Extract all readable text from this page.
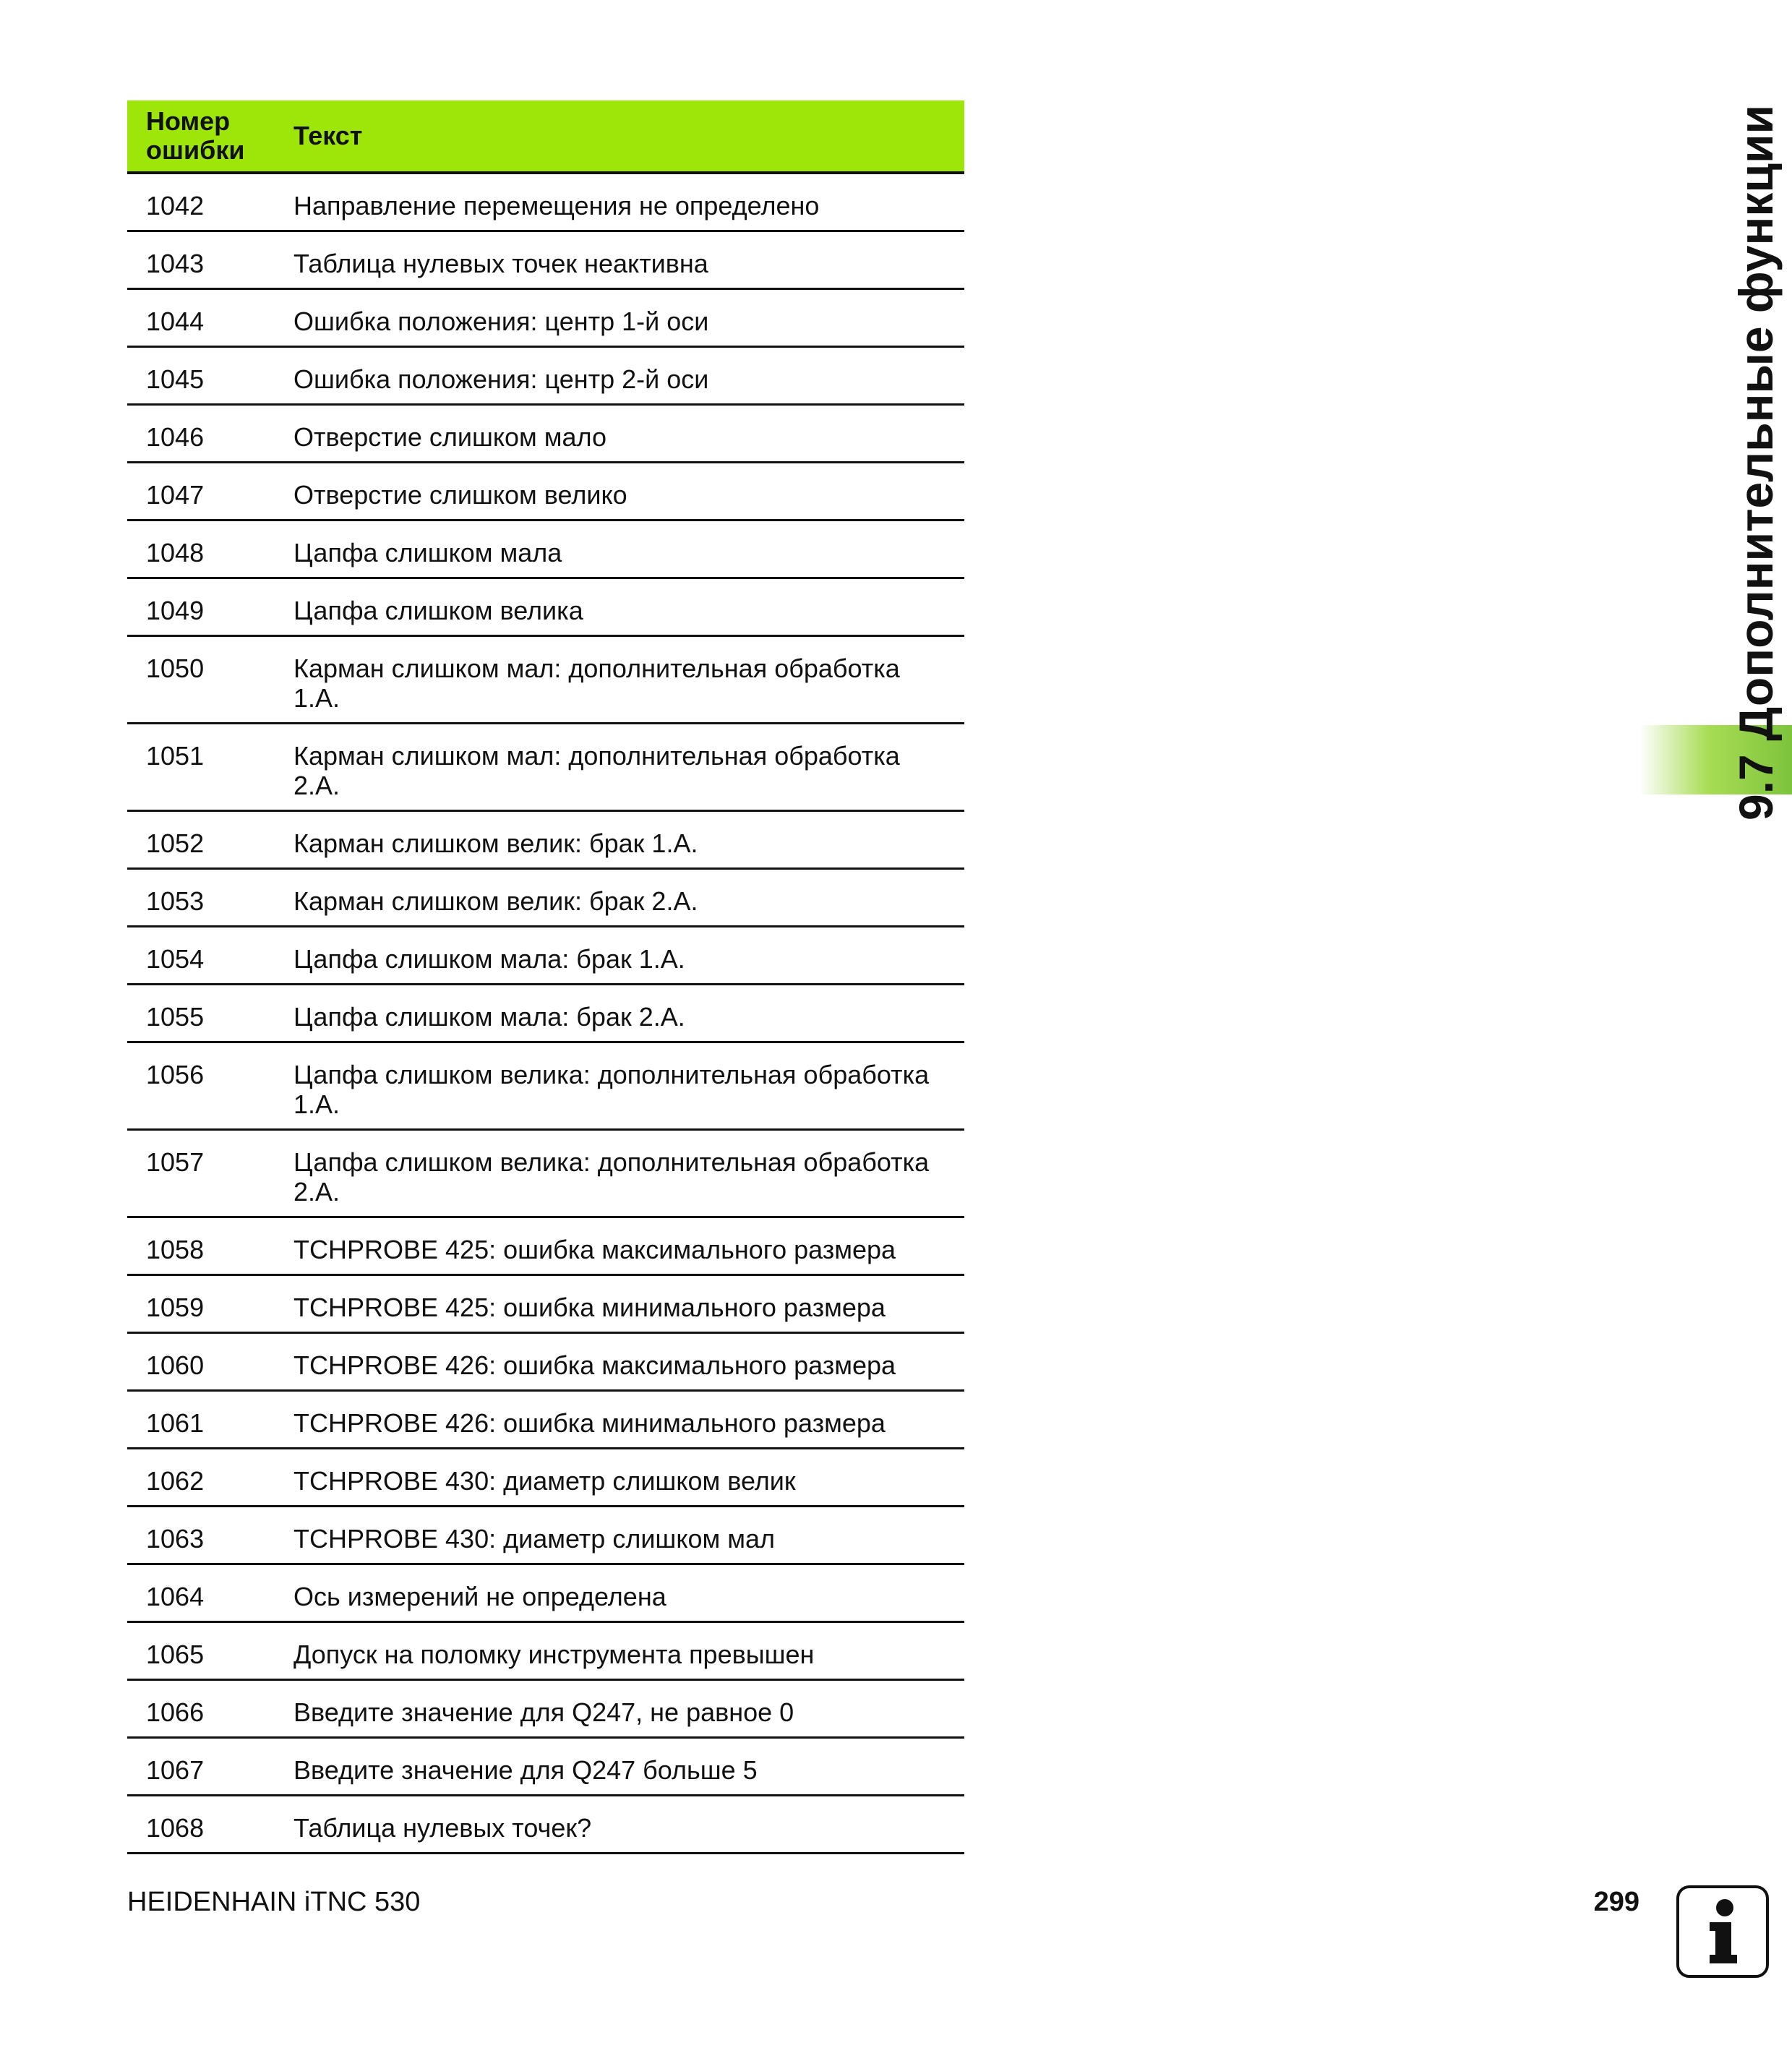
Номер
ошибки	Текст
1042	Направление перемещения не определено
1043	Таблица нулевых точек неактивна
1044	Ошибка положения: центр 1-й оси
1045	Ошибка положения: центр 2-й оси
1046	Отверстие слишком мало
1047	Отверстие слишком велико
1048	Цапфа слишком мала
1049	Цапфа слишком велика
1050	Карман слишком мал: дополнительная обработка 1.A.
1051	Карман слишком мал: дополнительная обработка 2.A.
1052	Карман слишком велик: брак 1.A.
1053	Карман слишком велик: брак 2.A.
1054	Цапфа слишком мала: брак 1.A.
1055	Цапфа слишком мала: брак 2.A.
1056	Цапфа слишком велика: дополнительная обработка 1.A.
1057	Цапфа слишком велика: дополнительная обработка 2.A.
1058	TCHPROBE 425: ошибка максимального размера
1059	TCHPROBE 425: ошибка минимального размера
1060	TCHPROBE 426: ошибка максимального размера
1061	TCHPROBE 426: ошибка минимального размера
1062	TCHPROBE 430: диаметр слишком велик
1063	TCHPROBE 430: диаметр слишком мал
1064	Ось измерений не определена
1065	Допуск на поломку инструмента превышен
1066	Введите значение для Q247, не равное 0
1067	Введите значение для Q247 больше 5
1068	Таблица нулевых точек?
9.7 Дополнительные функции
HEIDENHAIN iTNC 530	299
